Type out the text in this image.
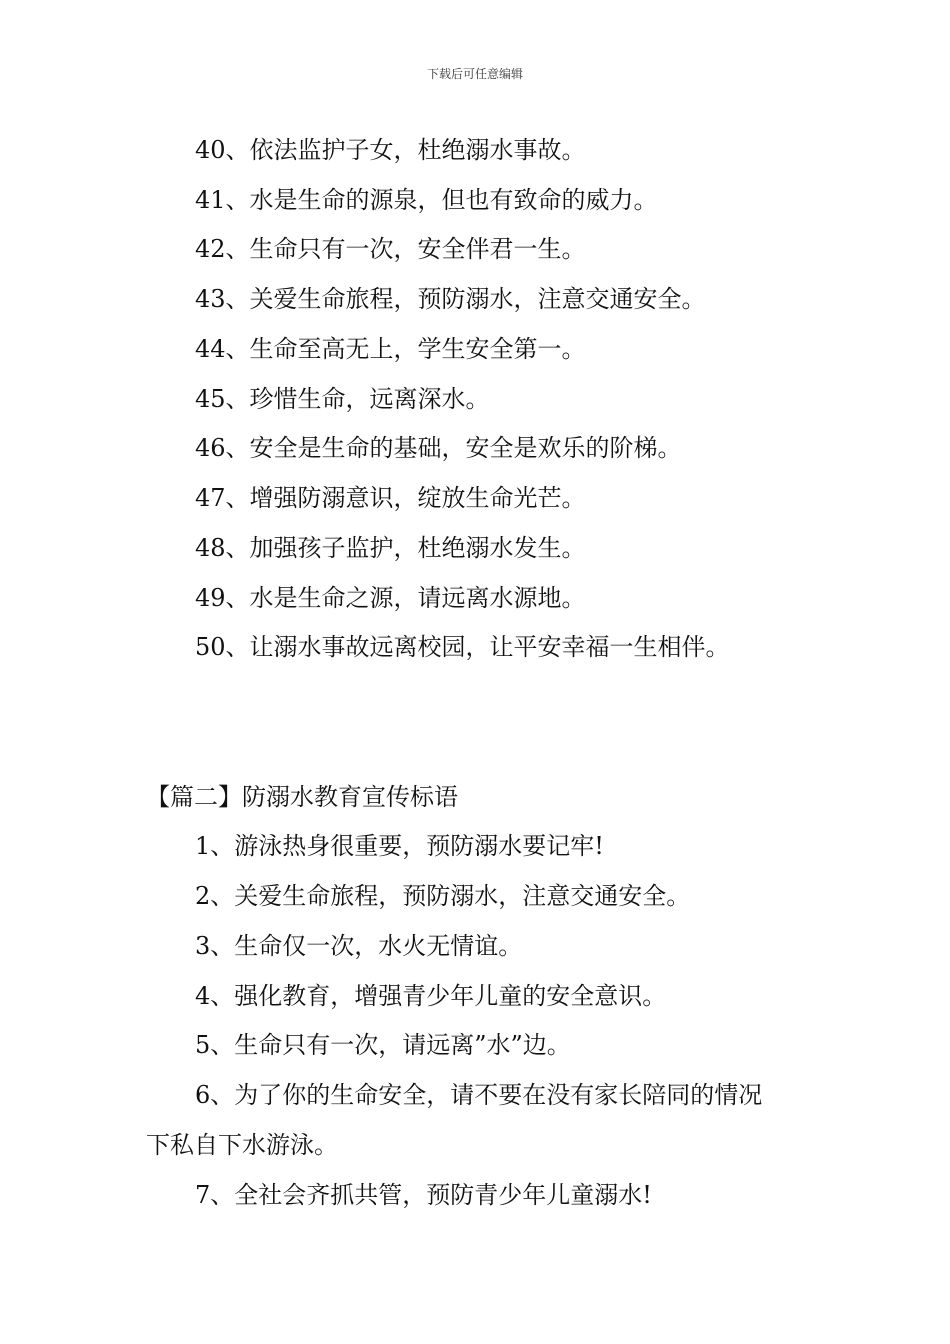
下载后可任意编辑
40、依法监护子女，杜绝溺水事故。
41、水是生命的源泉，但也有致命的威力。
42、生命只有一次，安全伴君一生。
43、关爱生命旅程，预防溺水，注意交通安全。
44、生命至高无上，学生安全第一。
45、珍惜生命，远离深水。
46、安全是生命的基础，安全是欢乐的阶梯。
47、增强防溺意识，绽放生命光芒。
48、加强孩子监护，杜绝溺水发生。
49、水是生命之源，请远离水源地。
50、让溺水事故远离校园，让平安幸福一生相伴。
【篇二】防溺水教育宣传标语
1、游泳热身很重要，预防溺水要记牢!
2、关爱生命旅程，预防溺水，注意交通安全。
3、生命仅一次，水火无情谊。
4、强化教育，增强青少年儿童的安全意识。
5、生命只有一次，请远离”水”边。
6、为了你的生命安全，请不要在没有家长陪同的情况
下私自下水游泳。
7、全社会齐抓共管，预防青少年儿童溺水!
